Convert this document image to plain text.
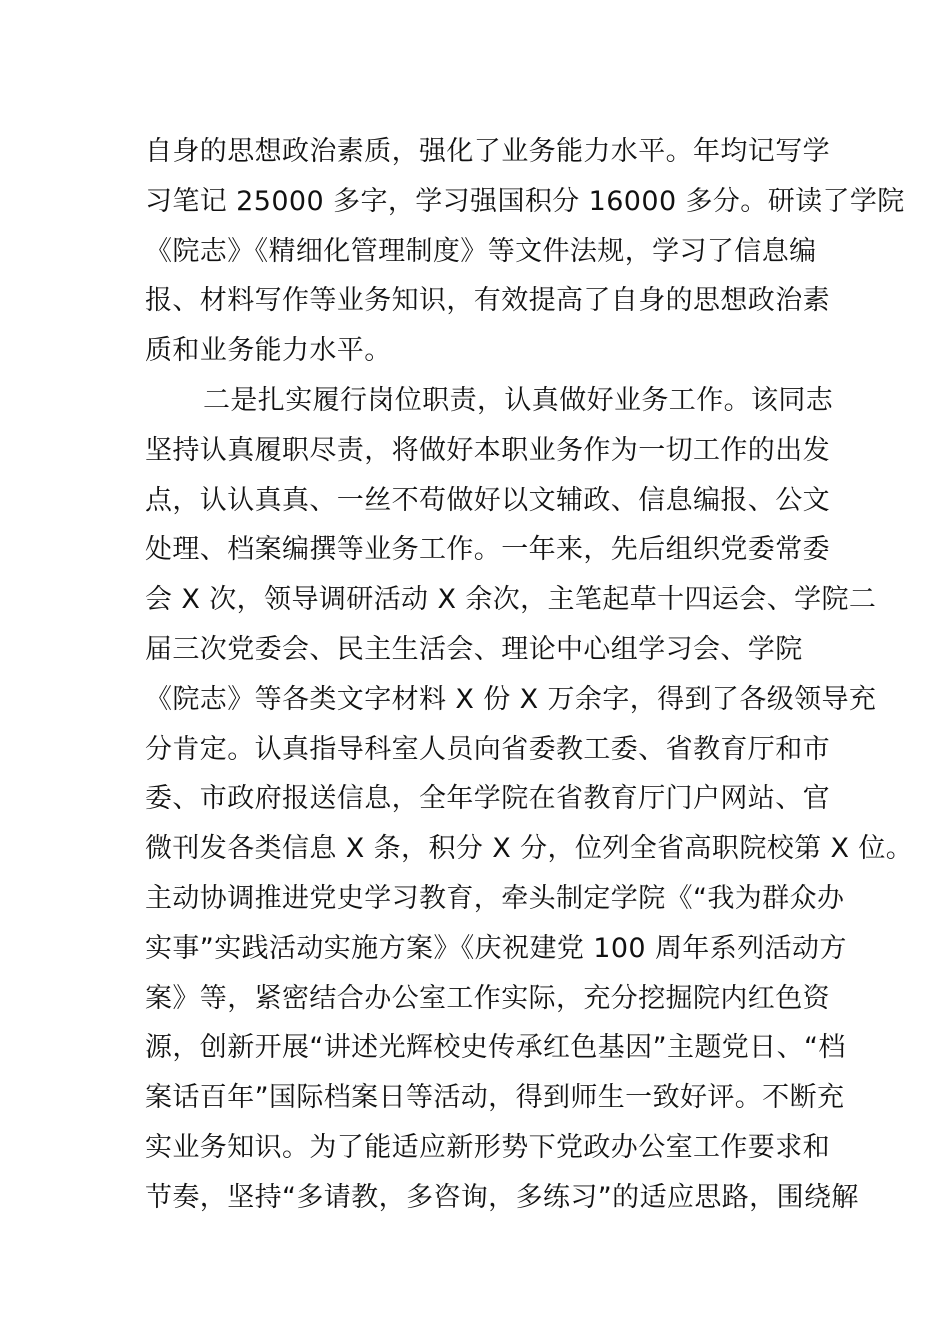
自身的思想政治素质，强化了业务能力水平。年均记写学
习笔记 25000 多字，学习强国积分 16000 多分。研读了学院
《院志》《精细化管理制度》等文件法规，学习了信息编
报、材料写作等业务知识，有效提高了自身的思想政治素
质和业务能力水平。
二是扎实履行岗位职责，认真做好业务工作。该同志
坚持认真履职尽责，将做好本职业务作为一切工作的出发
点，认认真真、一丝不苟做好以文辅政、信息编报、公文
处理、档案编撰等业务工作。一年来，先后组织党委常委
会 X 次，领导调研活动 X 余次，主笔起草十四运会、学院二
届三次党委会、民主生活会、理论中心组学习会、学院
《院志》等各类文字材料 X 份 X 万余字，得到了各级领导充
分肯定。认真指导科室人员向省委教工委、省教育厅和市
委、市政府报送信息，全年学院在省教育厅门户网站、官
微刊发各类信息 X 条，积分 X 分，位列全省高职院校第 X 位。
主动协调推进党史学习教育，牵头制定学院《“我为群众办
实事”实践活动实施方案》《庆祝建党 100 周年系列活动方
案》等，紧密结合办公室工作实际，充分挖掘院内红色资
源，创新开展“讲述光辉校史传承红色基因”主题党日、“档
案话百年”国际档案日等活动，得到师生一致好评。不断充
实业务知识。为了能适应新形势下党政办公室工作要求和
节奏，坚持“多请教，多咨询，多练习”的适应思路，围绕解
